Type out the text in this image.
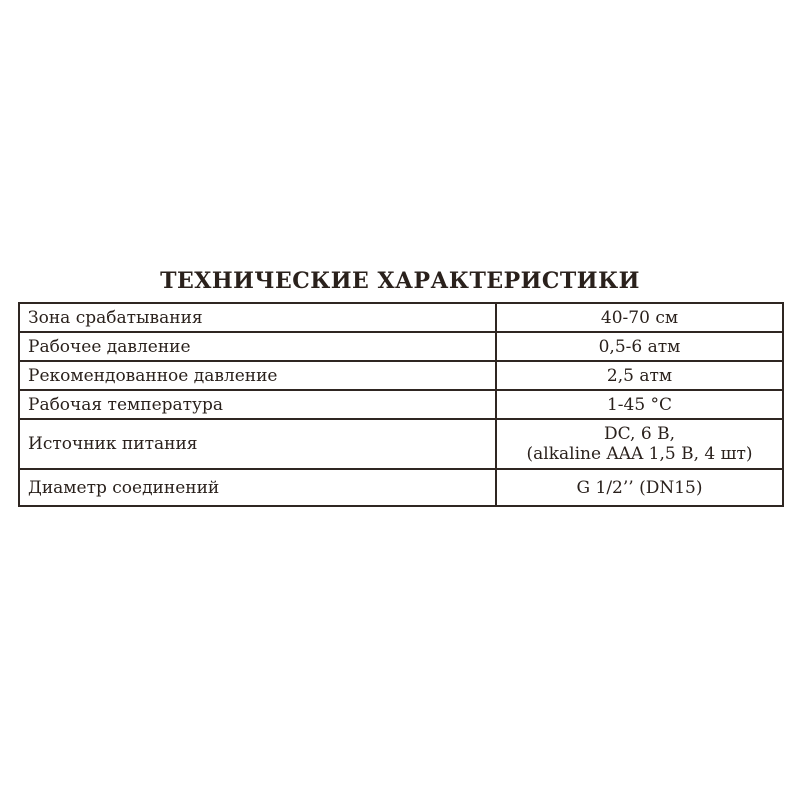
ТЕХНИЧЕСКИЕ ХАРАКТЕРИСТИКИ
Зона срабатывания	40-70 см

Рабочее давление	0,5-6 атм

Рекомендованное давление	2,5 атм

Рабочая температура	1-45 °C

Источник питания	DC, 6 В,
(alkaline AAA 1,5 В, 4 шт)

Диаметр соединений	G 1/2’’ (DN15)
